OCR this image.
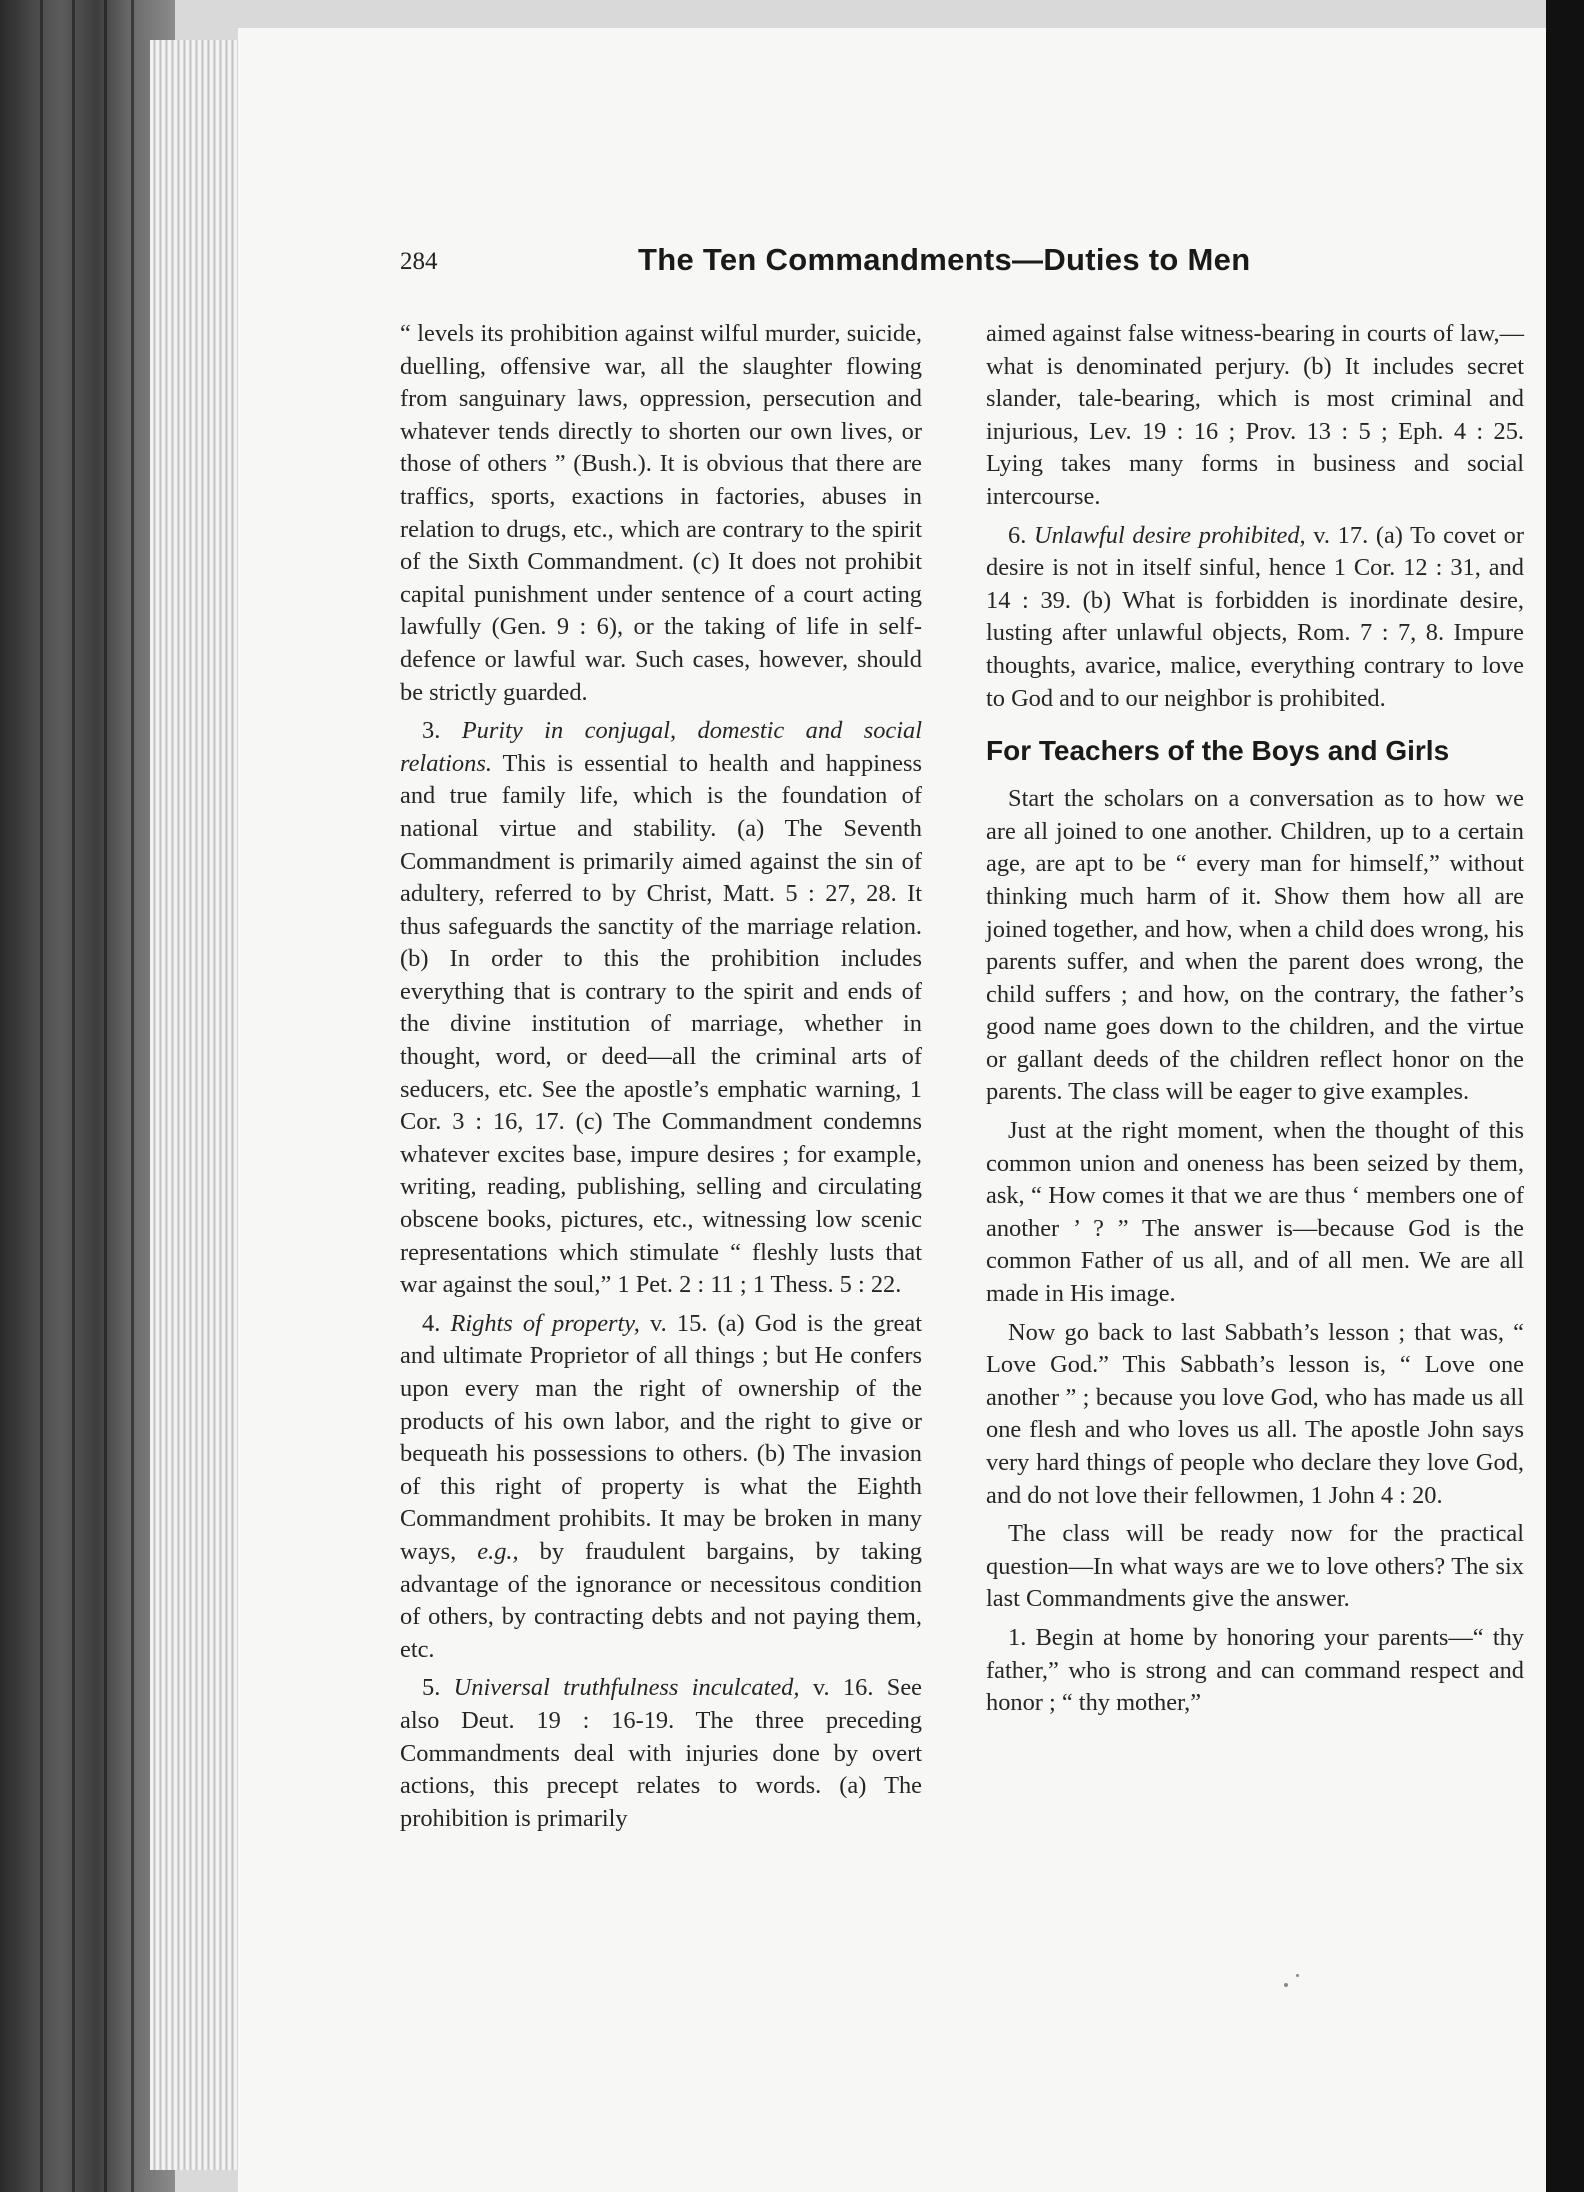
284	The Ten Commandments—Duties to Men

“ levels its prohibition against wilful murder, suicide, duelling, offensive war, all the slaughter flowing from sanguinary laws, oppression, persecution and whatever tends directly to shorten our own lives, or those of others ” (Bush.). It is obvious that there are traffics, sports, exactions in factories, abuses in relation to drugs, etc., which are contrary to the spirit of the Sixth Commandment. (c) It does not prohibit capital punishment under sentence of a court acting lawfully (Gen. 9 : 6), or the taking of life in self-defence or lawful war. Such cases, however, should be strictly guarded.

3. Purity in conjugal, domestic and social relations. This is essential to health and happiness and true family life, which is the foundation of national virtue and stability. (a) The Seventh Commandment is primarily aimed against the sin of adultery, referred to by Christ, Matt. 5 : 27, 28. It thus safeguards the sanctity of the marriage relation. (b) In order to this the prohibition includes everything that is contrary to the spirit and ends of the divine institution of marriage, whether in thought, word, or deed—all the criminal arts of seducers, etc. See the apostle’s emphatic warning, 1 Cor. 3 : 16, 17. (c) The Commandment condemns whatever excites base, impure desires ; for example, writing, reading, publishing, selling and circulating obscene books, pictures, etc., witnessing low scenic representations which stimulate “ fleshly lusts that war against the soul,” 1 Pet. 2 : 11 ; 1 Thess. 5 : 22.

4. Rights of property, v. 15. (a) God is the great and ultimate Proprietor of all things ; but He confers upon every man the right of ownership of the products of his own labor, and the right to give or bequeath his possessions to others. (b) The invasion of this right of property is what the Eighth Commandment prohibits. It may be broken in many ways, e.g., by fraudulent bargains, by taking advantage of the ignorance or necessitous condition of others, by contracting debts and not paying them, etc.

5. Universal truthfulness inculcated, v. 16. See also Deut. 19 : 16-19. The three preceding Commandments deal with injuries done by overt actions, this precept relates to words. (a) The prohibition is primarily

aimed against false witness-bearing in courts of law,—what is denominated perjury. (b) It includes secret slander, tale-bearing, which is most criminal and injurious, Lev. 19 : 16 ; Prov. 13 : 5 ; Eph. 4 : 25. Lying takes many forms in business and social intercourse.

6. Unlawful desire prohibited, v. 17. (a) To covet or desire is not in itself sinful, hence 1 Cor. 12 : 31, and 14 : 39. (b) What is forbidden is inordinate desire, lusting after unlawful objects, Rom. 7 : 7, 8. Impure thoughts, avarice, malice, everything contrary to love to God and to our neighbor is prohibited.

For Teachers of the Boys and Girls

Start the scholars on a conversation as to how we are all joined to one another. Children, up to a certain age, are apt to be “ every man for himself,” without thinking much harm of it. Show them how all are joined together, and how, when a child does wrong, his parents suffer, and when the parent does wrong, the child suffers ; and how, on the contrary, the father’s good name goes down to the children, and the virtue or gallant deeds of the children reflect honor on the parents. The class will be eager to give examples.

Just at the right moment, when the thought of this common union and oneness has been seized by them, ask, “ How comes it that we are thus ‘ members one of another ’ ? ” The answer is—because God is the common Father of us all, and of all men. We are all made in His image.

Now go back to last Sabbath’s lesson ; that was, “ Love God.” This Sabbath’s lesson is, “ Love one another ” ; because you love God, who has made us all one flesh and who loves us all. The apostle John says very hard things of people who declare they love God, and do not love their fellowmen, 1 John 4 : 20.

The class will be ready now for the practical question—In what ways are we to love others? The six last Commandments give the answer.

1. Begin at home by honoring your parents—“ thy father,” who is strong and can command respect and honor ; “ thy mother,”
